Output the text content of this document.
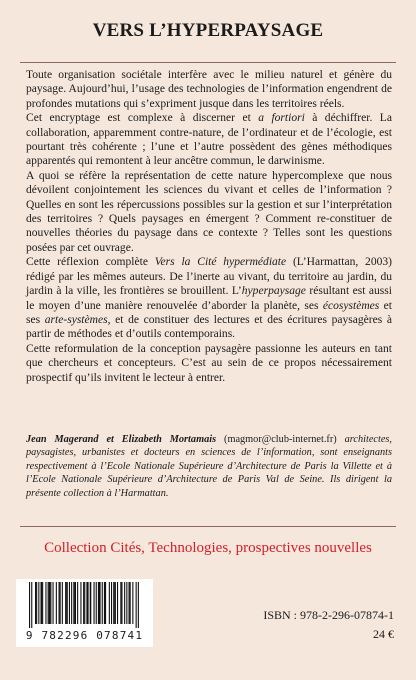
VERS L’HYPERPAYSAGE

Toute organisation sociétale interfère avec le milieu naturel et génère du paysage. Aujourd’hui, l’usage des technologies de l’information engendrent de profondes mutations qui s’expriment jusque dans les territoires réels.

Cet encryptage est complexe à discerner et a fortiori à déchiffrer. La collaboration, apparemment contre-nature, de l’ordinateur et de l’écologie, est pourtant très cohérente ; l’une et l’autre possèdent des gènes méthodiques apparentés qui remontent à leur ancêtre commun, le darwinisme.

A quoi se réfère la représentation de cette nature hypercomplexe que nous dévoilent conjointement les sciences du vivant et celles de l’information ? Quelles en sont les répercussions possibles sur la gestion et sur l’interprétation des territoires ? Quels paysages en émergent ? Comment re-constituer de nouvelles théories du paysage dans ce contexte ? Telles sont les questions posées par cet ouvrage.

Cette réflexion complète Vers la Cité hypermédiate (L’Harmattan, 2003) rédigé par les mêmes auteurs. De l’inerte au vivant, du territoire au jardin, du jardin à la ville, les frontières se brouillent. L’hyperpaysage résultant est aussi le moyen d’une manière renouvelée d’aborder la planète, ses écosystèmes et ses arte-systèmes, et de constituer des lectures et des écritures paysagères à partir de méthodes et d’outils contemporains.

Cette reformulation de la conception paysagère passionne les auteurs en tant que chercheurs et concepteurs. C’est au sein de ce propos nécessairement prospectif qu’ils invitent le lecteur à entrer.

Jean Magerand et Elizabeth Mortamais (magmor@club-internet.fr) architectes, paysagistes, urbanistes et docteurs en sciences de l’information, sont enseignants respectivement à l’Ecole Nationale Supérieure d’Architecture de Paris la Villette et à l’Ecole Nationale Supérieure d’Architecture de Paris Val de Seine. Ils dirigent la présente collection à l’Harmattan.
Collection Cités, Technologies, prospectives nouvelles
9 782296 078741
ISBN : 978-2-296-07874-1
24 €
